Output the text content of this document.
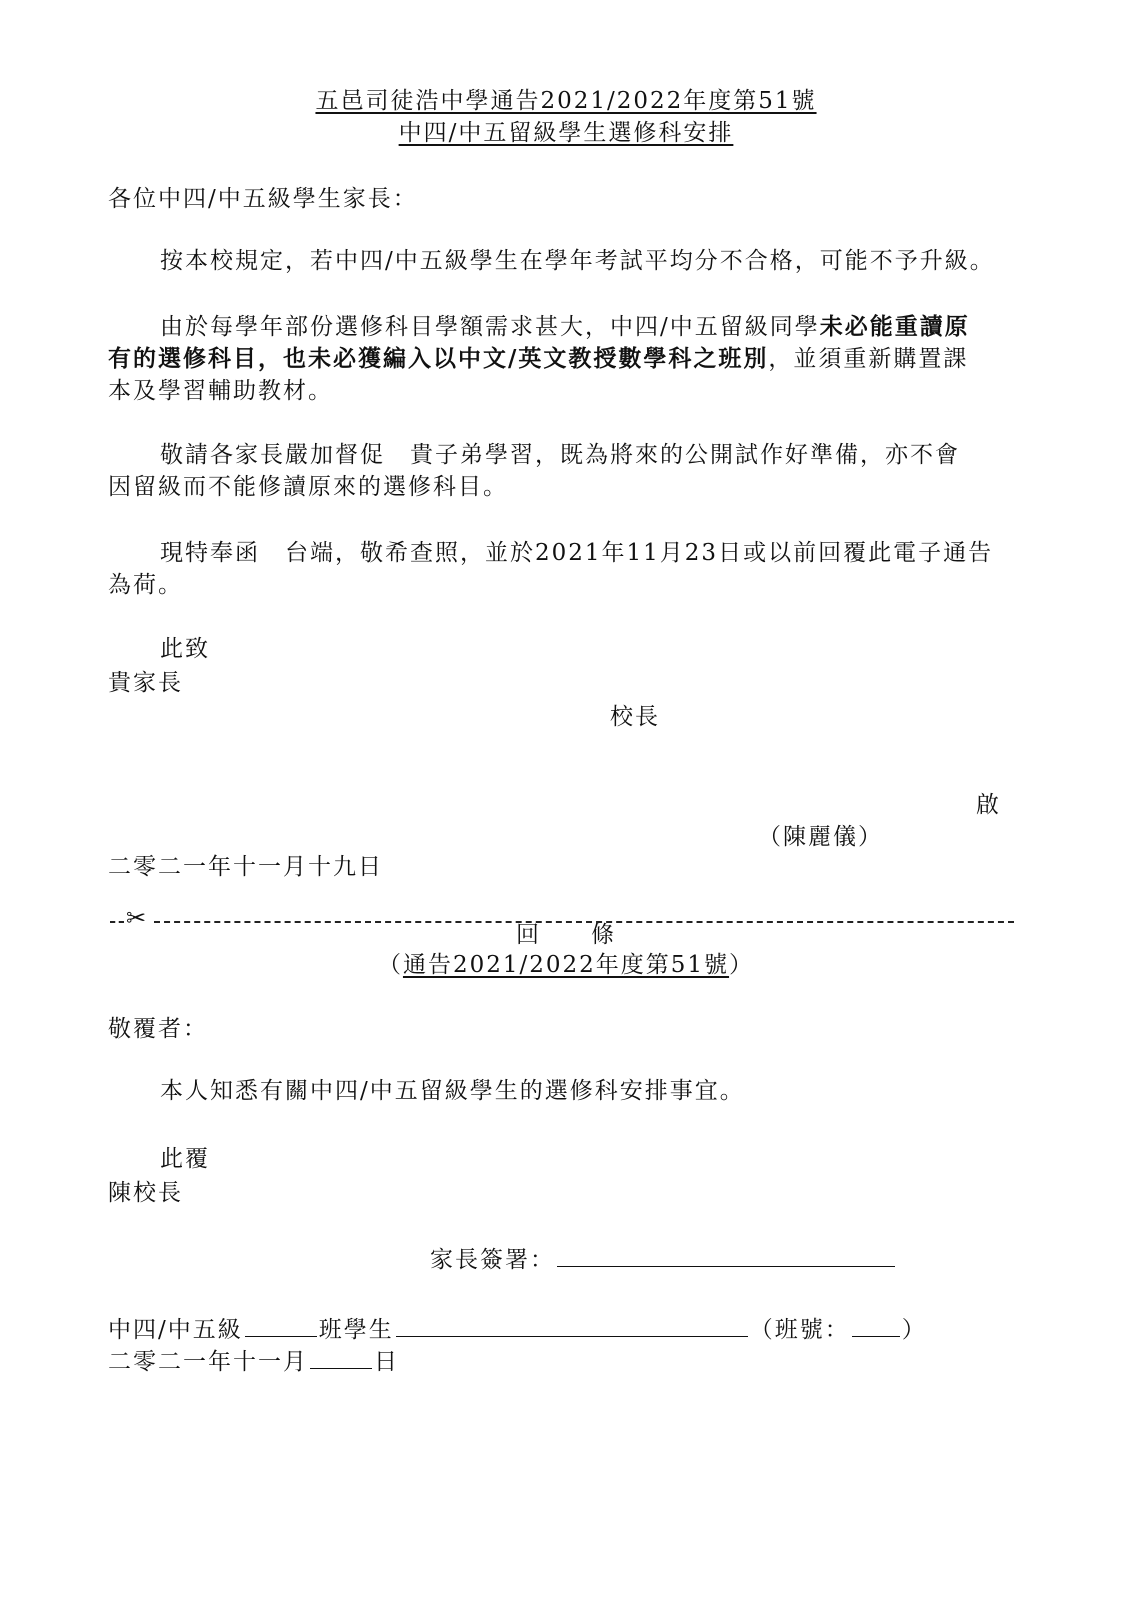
五邑司徒浩中學通告2021/2022年度第51號
中四/中五留級學生選修科安排
各位中四/中五級學生家長：
按本校規定，若中四/中五級學生在學年考試平均分不合格，可能不予升級。
由於每學年部份選修科目學額需求甚大，中四/中五留級同學未必能重讀原
有的選修科目，也未必獲編入以中文/英文教授數學科之班別，並須重新購置課
本及學習輔助教材。
敬請各家長嚴加督促　貴子弟學習，既為將來的公開試作好準備，亦不會
因留級而不能修讀原來的選修科目。
現特奉函　台端，敬希查照，並於2021年11月23日或以前回覆此電子通告
為荷。
此致
貴家長
校長
啟
（陳麗儀）
二零二一年十一月十九日
✂
回　　條
（通告2021/2022年度第51號）
敬覆者：
本人知悉有關中四/中五留級學生的選修科安排事宜。
此覆
陳校長
家長簽署：
中四/中五級	班學生	（班號： ）
二零二一年十一月	日
